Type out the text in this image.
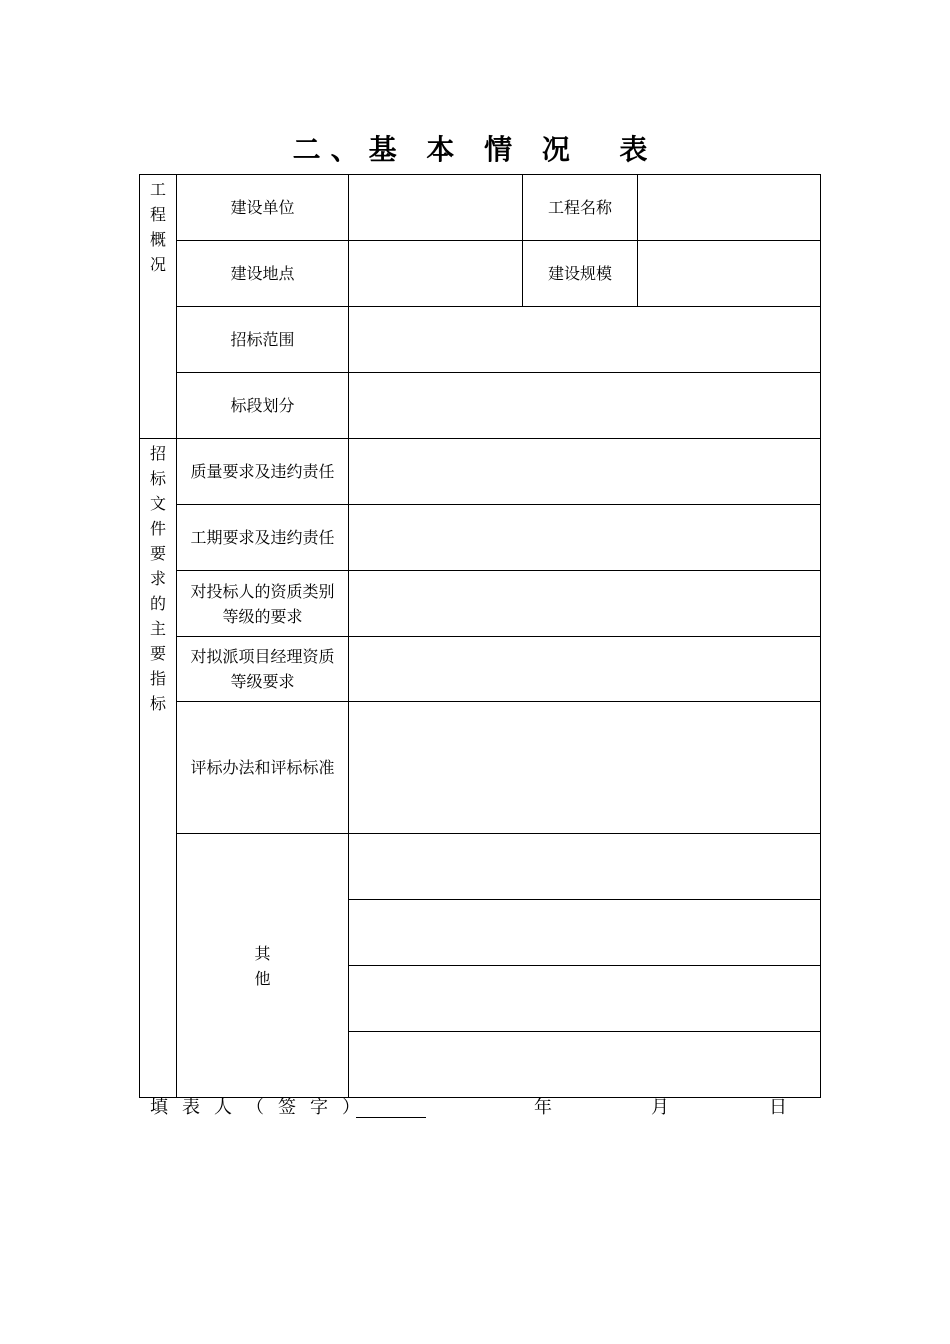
二、基 本 情 况  表
工程概况	建设单位		工程名称	

	建设地点		建设规模	

	招标范围			

	标段划分			

招标文件要求的主要指标	质量要求及违约责任			

	工期要求及违约责任			

	对投标人的资质类别等级的要求			

	对拟派项目经理资质等级要求			

	评标办法和评标标准			

	其他			

填表人（签字）	年	月	日
